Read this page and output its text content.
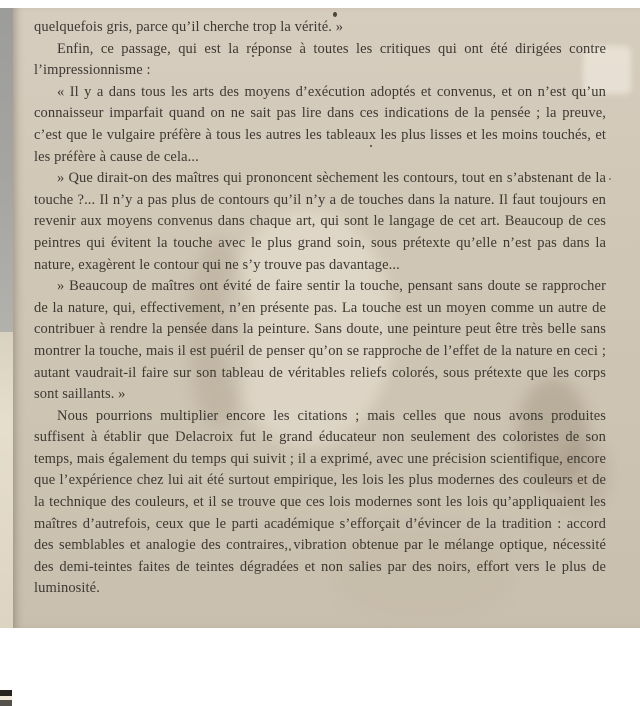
quelquefois gris, parce qu’il cherche trop la vérité. »

Enfin, ce passage, qui est la réponse à toutes les critiques qui ont été dirigées contre l’impressionnisme :

« Il y a dans tous les arts des moyens d’exécution adoptés et convenus, et on n’est qu’un connaisseur imparfait quand on ne sait pas lire dans ces indications de la pensée ; la preuve, c’est que le vulgaire préfère à tous les autres les tableaux les plus lisses et les moins touchés, et les préfère à cause de cela...

» Que dirait-on des maîtres qui prononcent sèchement les contours, tout en s’abstenant de la touche ?... Il n’y a pas plus de contours qu’il n’y a de touches dans la nature. Il faut toujours en revenir aux moyens convenus dans chaque art, qui sont le langage de cet art. Beaucoup de ces peintres qui évitent la touche avec le plus grand soin, sous prétexte qu’elle n’est pas dans la nature, exagèrent le contour qui ne s’y trouve pas davantage...

» Beaucoup de maîtres ont évité de faire sentir la touche, pensant sans doute se rapprocher de la nature, qui, effectivement, n’en présente pas. La touche est un moyen comme un autre de contribuer à rendre la pensée dans la peinture. Sans doute, une peinture peut être très belle sans montrer la touche, mais il est puéril de penser qu’on se rapproche de l’effet de la nature en ceci ; autant vaudrait-il faire sur son tableau de véritables reliefs colorés, sous prétexte que les corps sont saillants. »

Nous pourrions multiplier encore les citations ; mais celles que nous avons produites suffisent à établir que Delacroix fut le grand éducateur non seulement des coloristes de son temps, mais également du temps qui suivit ; il a exprimé, avec une précision scientifique, encore que l’expérience chez lui ait été surtout empirique, les lois les plus modernes des couleurs et de la technique des couleurs, et il se trouve que ces lois modernes sont les lois qu’appliquaient les maîtres d’autrefois, ceux que le parti académique s’efforçait d’évincer de la tradition : accord des semblables et analogie des contraires, vibration obtenue par le mélange optique, nécessité des demi-teintes faites de teintes dégradées et non salies par des noirs, effort vers le plus de luminosité.
